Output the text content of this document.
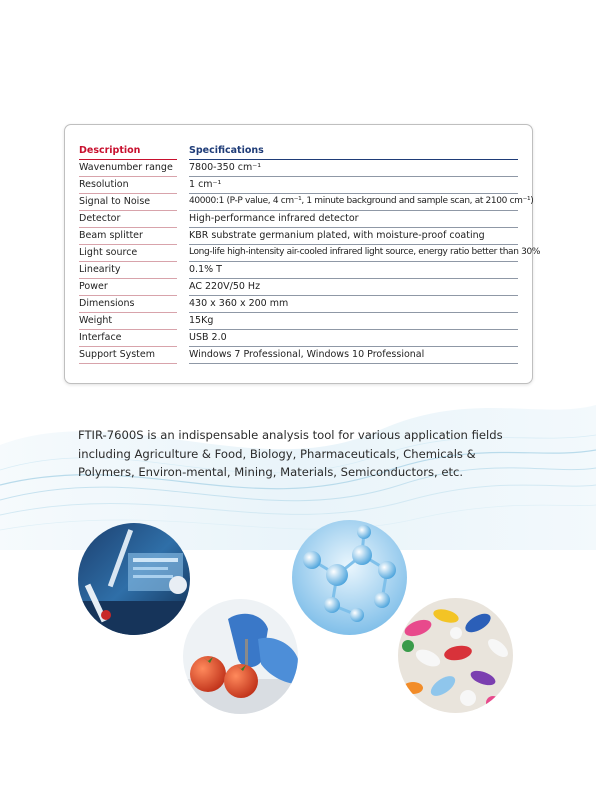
Description	Specifications
Wavenumber range	7800-350 cm⁻¹
Resolution	1 cm⁻¹
Signal to Noise	40000:1 (P-P value, 4 cm⁻¹, 1 minute background and sample scan, at 2100 cm⁻¹)
Detector	High-performance infrared detector
Beam splitter	KBR substrate germanium plated, with moisture-proof coating
Light source	Long-life high-intensity air-cooled infrared light source, energy ratio better than 30%
Linearity	0.1% T
Power	AC 220V/50 Hz
Dimensions	430 x 360 x 200 mm
Weight	15Kg
Interface	USB 2.0
Support System	Windows 7 Professional, Windows 10 Professional

FTIR-7600S is an indispensable analysis tool for various application fields including Agriculture & Food, Biology, Pharmaceuticals, Chemicals & Polymers, Environ-mental, Mining, Materials, Semiconductors, etc.
